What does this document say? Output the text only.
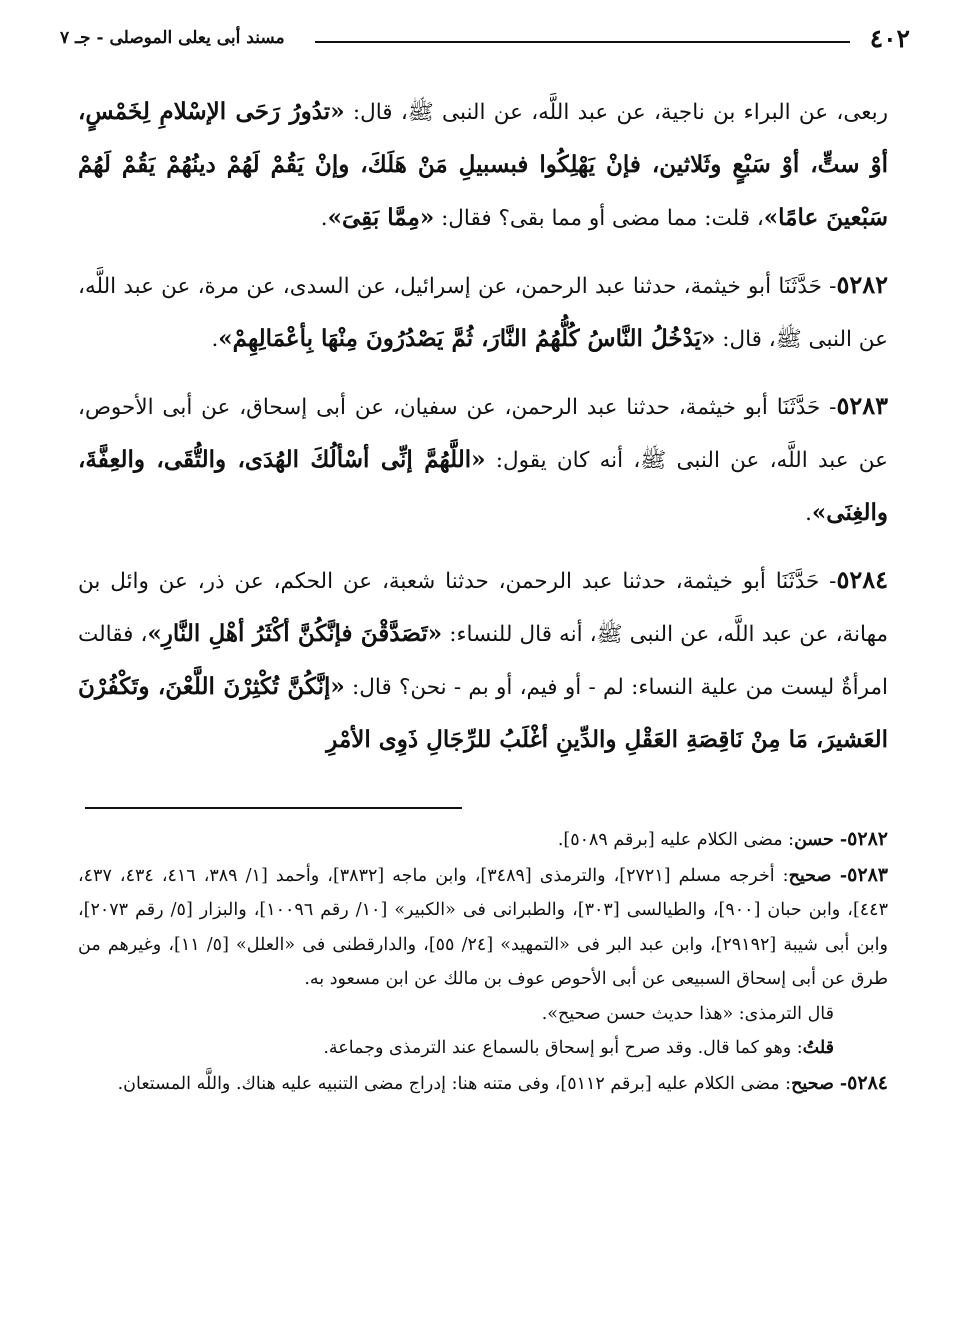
٤٠٢
مسند أبى يعلى الموصلى - جـ ٧

ربعى، عن البراء بن ناجية، عن عبد اللَّه، عن النبى ﷺ، قال: «تدُورُ رَحَى الإسْلامِ لِخَمْسٍ، أوْ ستٍّ، أوْ سَبْعٍ وثَلاثين، فإنْ يَهْلِكُوا فبسبيلِ مَنْ هَلَكَ، وإنْ يَقُمْ لَهُمْ دينُهُمْ يَقُمْ لَهُمْ سَبْعينَ عامًا»، قلت: مما مضى أو مما بقى؟ فقال: «مِمَّا بَقِىَ».

٥٢٨٢- حَدَّثَنَا أبو خيثمة، حدثنا عبد الرحمن، عن إسرائيل، عن السدى، عن مرة، عن عبد اللَّه، عن النبى ﷺ، قال: «يَدْخُلُ النَّاسُ كُلُّهُمُ النَّارَ، ثُمَّ يَصْدُرُونَ مِنْهَا بِأعْمَالِهِمْ».

٥٢٨٣- حَدَّثَنَا أبو خيثمة، حدثنا عبد الرحمن، عن سفيان، عن أبى إسحاق، عن أبى الأحوص، عن عبد اللَّه، عن النبى ﷺ، أنه كان يقول: «اللَّهُمَّ إنِّى أسْألُكَ الهُدَى، والتُّقَى، والعِفَّةَ، والغِنَى».

٥٢٨٤- حَدَّثَنَا أبو خيثمة، حدثنا عبد الرحمن، حدثنا شعبة، عن الحكم، عن ذر، عن وائل بن مهانة، عن عبد اللَّه، عن النبى ﷺ، أنه قال للنساء: «تَصَدَّقْنَ فإنَّكُنَّ أكْثَرُ أهْلِ النَّارِ»، فقالت امرأةٌ ليست من علية النساء: لم - أو فيم، أو بم - نحن؟ قال: «إنَّكُنَّ تُكْثِرْنَ اللَّعْنَ، وتَكْفُرْنَ العَشيرَ، مَا مِنْ نَاقِصَةِ العَقْلِ والدِّينِ أغْلَبُ للرِّجَالِ ذَوِى الأمْرِ

٥٢٨٢- حسن: مضى الكلام عليه [برقم ٥٠٨٩].

٥٢٨٣- صحيح: أخرجه مسلم [٢٧٢١]، والترمذى [٣٤٨٩]، وابن ماجه [٣٨٣٢]، وأحمد [١/ ٣٨٩، ٤١٦، ٤٣٤، ٤٣٧، ٤٤٣]، وابن حبان [٩٠٠]، والطيالسى [٣٠٣]، والطبرانى فى «الكبير» [١٠/ رقم ١٠٠٩٦]، والبزار [٥/ رقم ٢٠٧٣]، وابن أبى شيبة [٢٩١٩٢]، وابن عبد البر فى «التمهيد» [٢٤/ ٥٥]، والدارقطنى فى «العلل» [٥/ ١١]، وغيرهم من طرق عن أبى إسحاق السبيعى عن أبى الأحوص عوف بن مالك عن ابن مسعود به.

قال الترمذى: «هذا حديث حسن صحيح».

قلتُ: وهو كما قال. وقد صرح أبو إسحاق بالسماع عند الترمذى وجماعة.

٥٢٨٤- صحيح: مضى الكلام عليه [برقم ٥١١٢]، وفى متنه هنا: إدراج مضى التنبيه عليه هناك. واللَّه المستعان.
